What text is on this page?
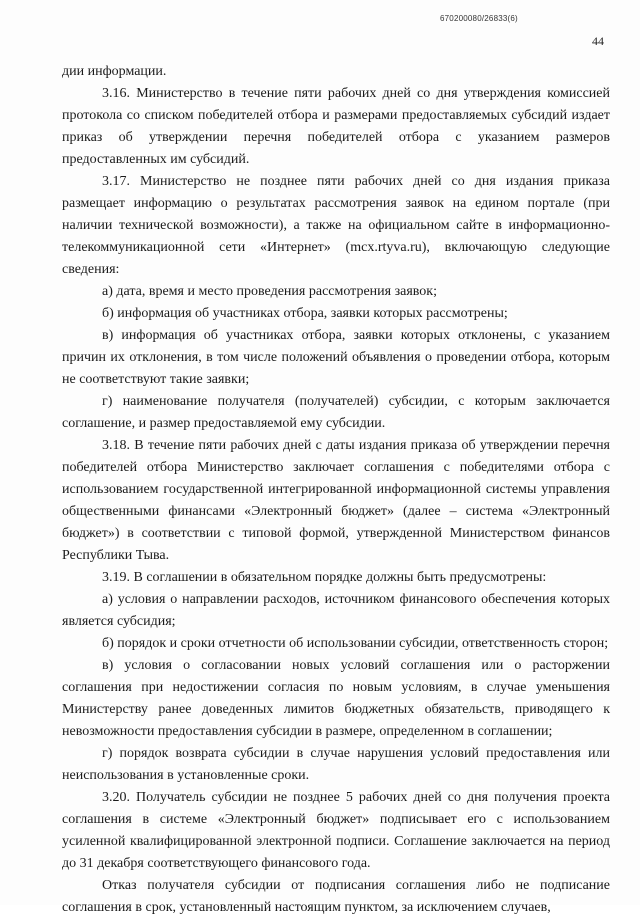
670200080/26833(6)
44

дии информации.

3.16. Министерство в течение пяти рабочих дней со дня утверждения комиссией протокола со списком победителей отбора и размерами предоставляемых субсидий издает приказ об утверждении перечня победителей отбора с указанием размеров предоставленных им субсидий.

3.17. Министерство не позднее пяти рабочих дней со дня издания приказа размещает информацию о результатах рассмотрения заявок на едином портале (при наличии технической возможности), а также на официальном сайте в информационно-телекоммуникационной сети «Интернет» (mcx.rtyva.ru), включающую следующие сведения:

а) дата, время и место проведения рассмотрения заявок;

б) информация об участниках отбора, заявки которых рассмотрены;

в) информация об участниках отбора, заявки которых отклонены, с указанием причин их отклонения, в том числе положений объявления о проведении отбора, которым не соответствуют такие заявки;

г) наименование получателя (получателей) субсидии, с которым заключается соглашение, и размер предоставляемой ему субсидии.

3.18. В течение пяти рабочих дней с даты издания приказа об утверждении перечня победителей отбора Министерство заключает соглашения с победителями отбора с использованием государственной интегрированной информационной системы управления общественными финансами «Электронный бюджет» (далее – система «Электронный бюджет») в соответствии с типовой формой, утвержденной Министерством финансов Республики Тыва.

3.19. В соглашении в обязательном порядке должны быть предусмотрены:

а) условия о направлении расходов, источником финансового обеспечения которых является субсидия;

б) порядок и сроки отчетности об использовании субсидии, ответственность сторон;

в) условия о согласовании новых условий соглашения или о расторжении соглашения при недостижении согласия по новым условиям, в случае уменьшения Министерству ранее доведенных лимитов бюджетных обязательств, приводящего к невозможности предоставления субсидии в размере, определенном в соглашении;

г) порядок возврата субсидии в случае нарушения условий предоставления или неиспользования в установленные сроки.

3.20. Получатель субсидии не позднее 5 рабочих дней со дня получения проекта соглашения в системе «Электронный бюджет» подписывает его с использованием усиленной квалифицированной электронной подписи. Соглашение заключается на период до 31 декабря соответствующего финансового года.

Отказ получателя субсидии от подписания соглашения либо не подписание соглашения в срок, установленный настоящим пунктом, за исключением случаев,
